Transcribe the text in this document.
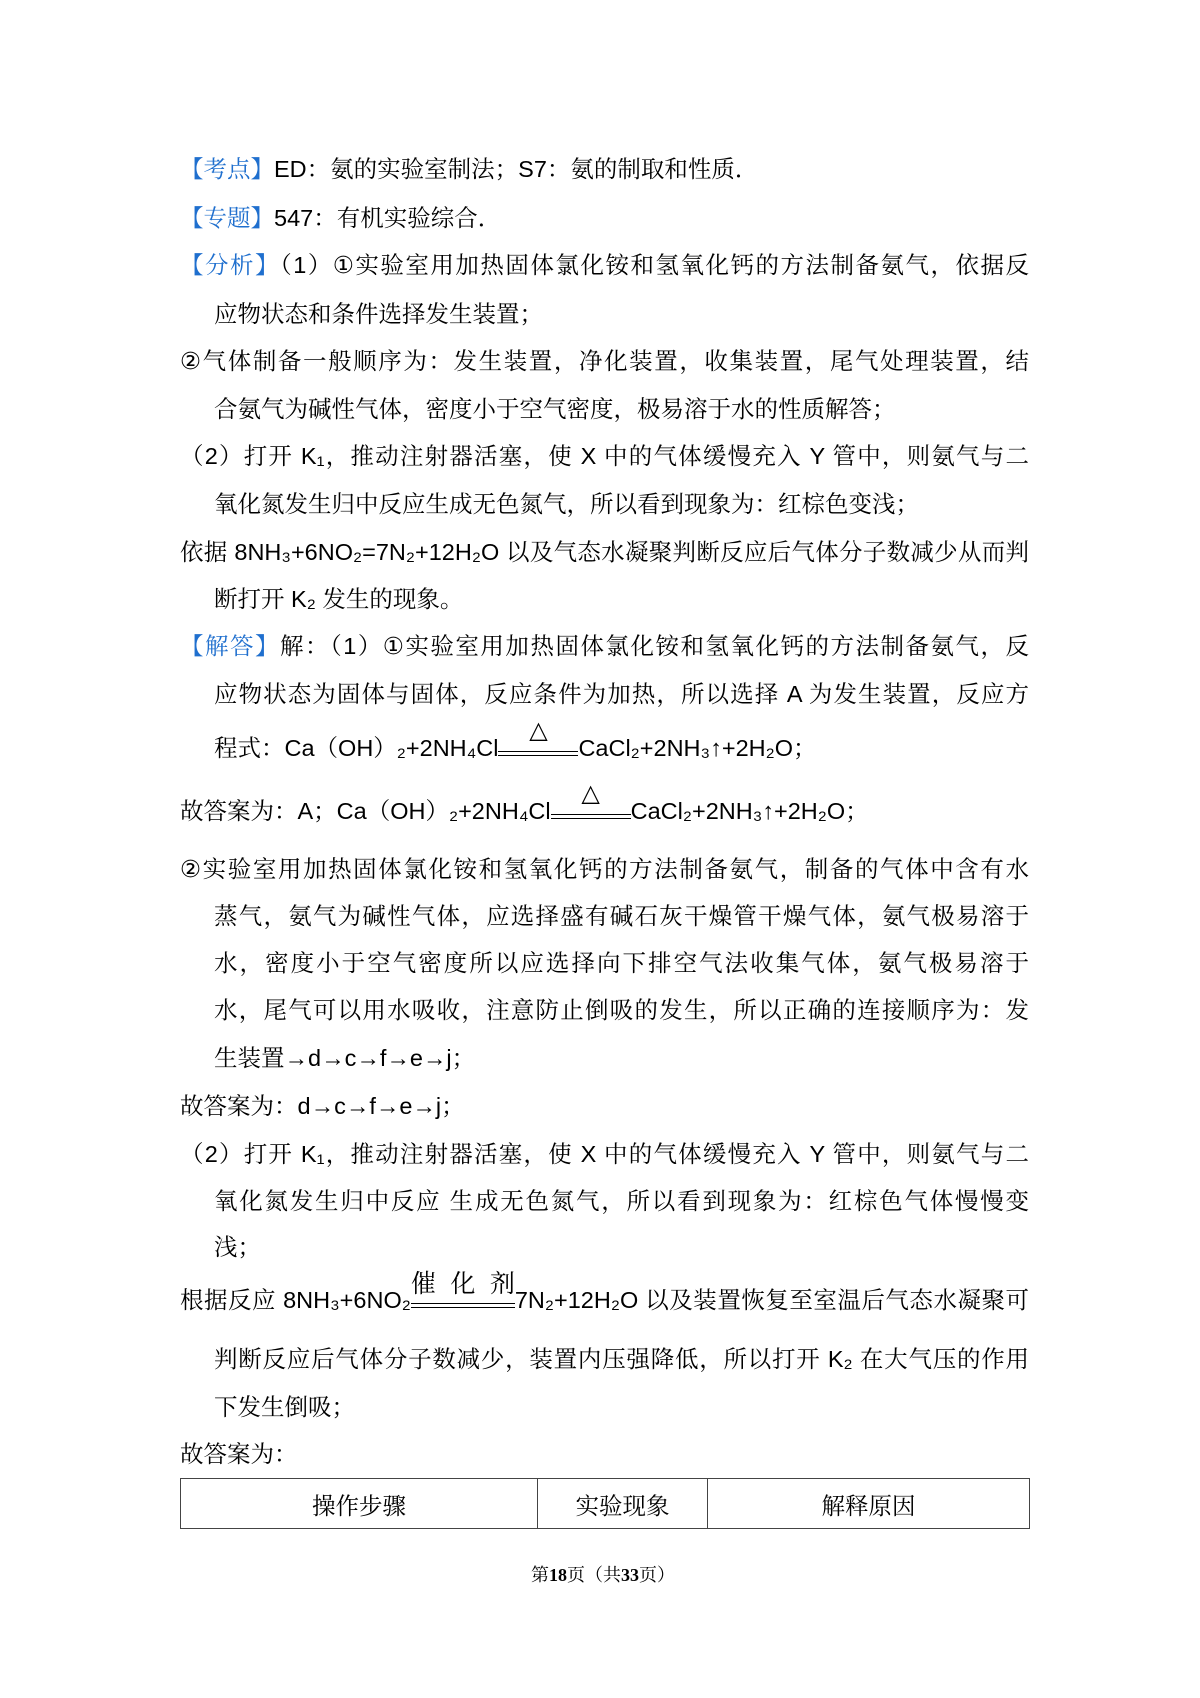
【考点】ED：氨的实验室制法；S7：氨的制取和性质．
【专题】547：有机实验综合．
【分析】（1）①实验室用加热固体氯化铵和氢氧化钙的方法制备氨气，依据反
应物状态和条件选择发生装置；
②气体制备一般顺序为：发生装置，净化装置，收集装置，尾气处理装置，结
合氨气为碱性气体，密度小于空气密度，极易溶于水的性质解答；
（2）打开 K₁，推动注射器活塞，使 X 中的气体缓慢充入 Y 管中，则氨气与二
氧化氮发生归中反应生成无色氮气，所以看到现象为：红棕色变浅；
依据 8NH₃+6NO₂=7N₂+12H₂O 以及气态水凝聚判断反应后气体分子数减少从而判
断打开 K₂ 发生的现象。
【解答】解：（1）①实验室用加热固体氯化铵和氢氧化钙的方法制备氨气，反
应物状态为固体与固体，反应条件为加热，所以选择 A 为发生装置，反应方
程式：Ca（OH）₂+2NH₄Cl
△
CaCl₂+2NH₃↑+2H₂O；
故答案为：A；Ca（OH）₂+2NH₄Cl
△
CaCl₂+2NH₃↑+2H₂O；
②实验室用加热固体氯化铵和氢氧化钙的方法制备氨气，制备的气体中含有水
蒸气，氨气为碱性气体，应选择盛有碱石灰干燥管干燥气体，氨气极易溶于
水，密度小于空气密度所以应选择向下排空气法收集气体，氨气极易溶于
水，尾气可以用水吸收，注意防止倒吸的发生，所以正确的连接顺序为：发
生装置→d→c→f→e→j；
故答案为：d→c→f→e→j；
（2）打开 K₁，推动注射器活塞，使 X 中的气体缓慢充入 Y 管中，则氨气与二
氧化氮发生归中反应 生成无色氮气，所以看到现象为：红棕色气体慢慢变
浅；
根据反应 8NH₃+6NO₂
催化剂
7N₂+12H₂O 以及装置恢复至室温后气态水凝聚可
判断反应后气体分子数减少，装置内压强降低，所以打开 K₂ 在大气压的作用
下发生倒吸；
故答案为：
操作步骤	实验现象	解释原因
第18页（共33页）
